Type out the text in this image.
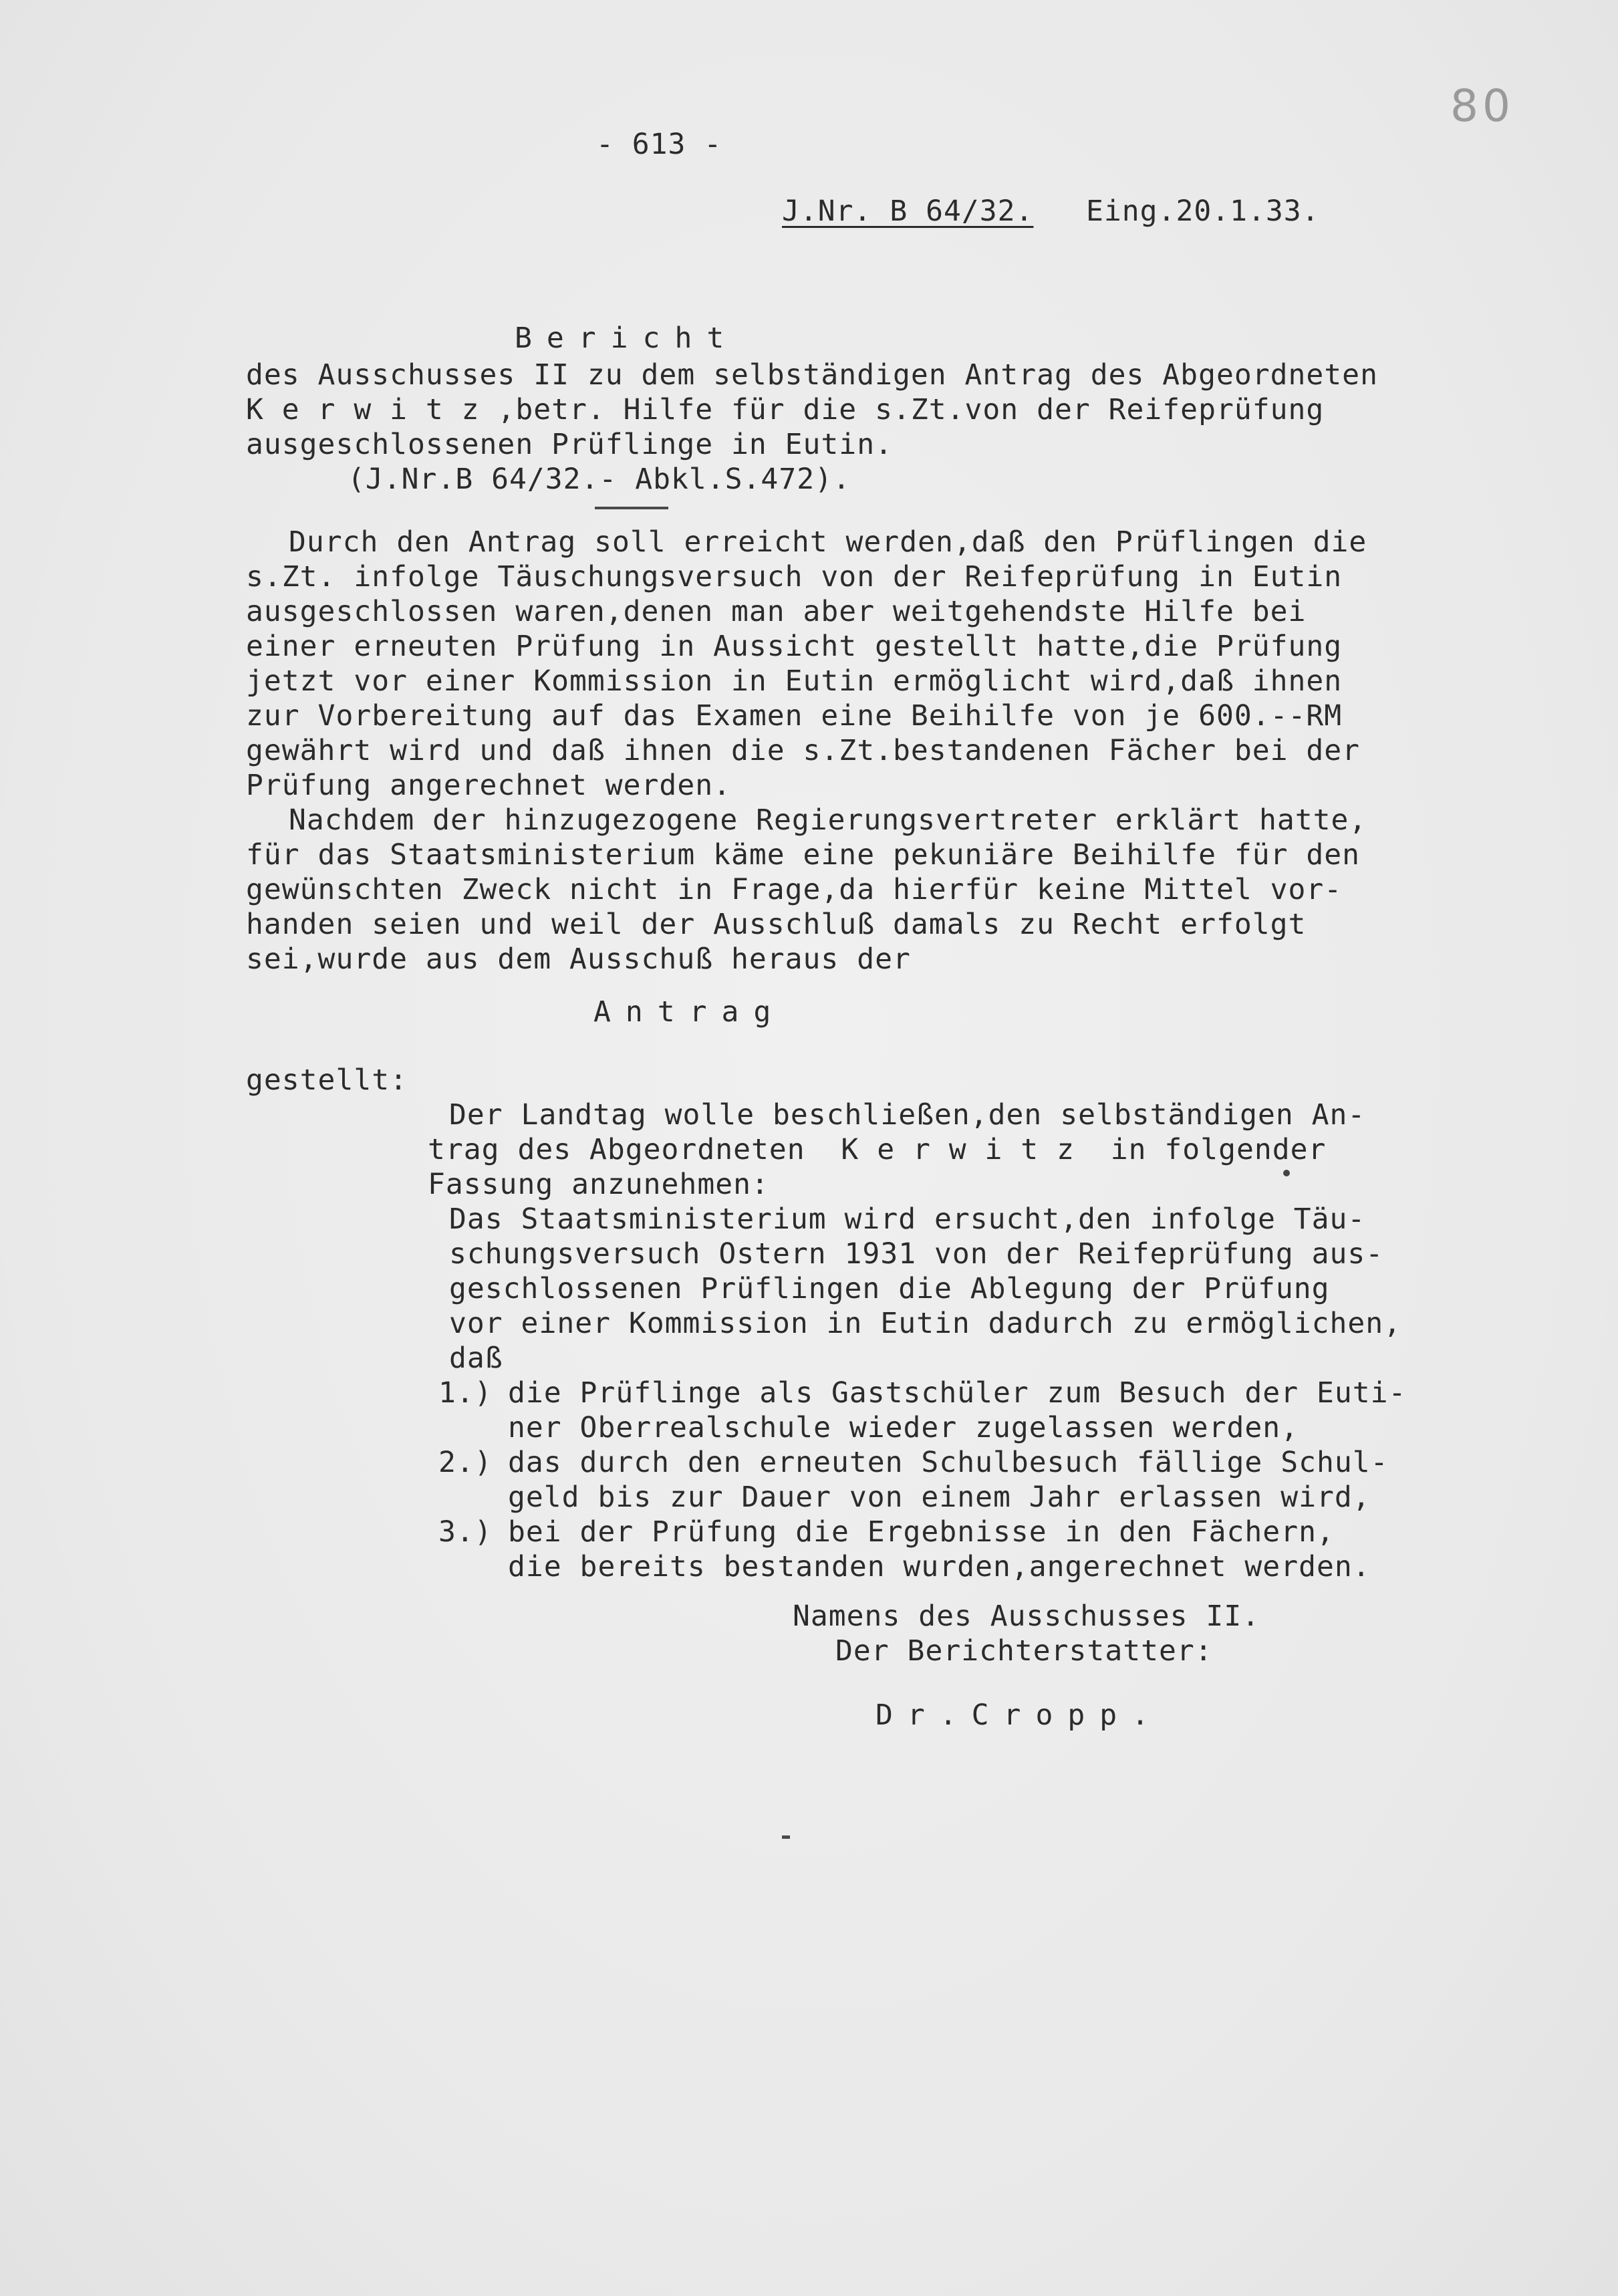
- 613 -
80
J.Nr. B 64/32. Eing.20.1.33.
Bericht
des Ausschusses II zu dem selbständigen Antrag des Abgeordneten
K e r w i t z ,betr. Hilfe für die s.Zt.von der Reifeprüfung
ausgeschlossenen Prüflinge in Eutin.
(J.Nr.B 64/32.- Abkl.S.472).
Durch den Antrag soll erreicht werden,daß den Prüflingen die
s.Zt. infolge Täuschungsversuch von der Reifeprüfung in Eutin
ausgeschlossen waren,denen man aber weitgehendste Hilfe bei
einer erneuten Prüfung in Aussicht gestellt hatte,die Prüfung
jetzt vor einer Kommission in Eutin ermöglicht wird,daß ihnen
zur Vorbereitung auf das Examen eine Beihilfe von je 600.--RM
gewährt wird und daß ihnen die s.Zt.bestandenen Fächer bei der
Prüfung angerechnet werden.
Nachdem der hinzugezogene Regierungsvertreter erklärt hatte,
für das Staatsministerium käme eine pekuniäre Beihilfe für den
gewünschten Zweck nicht in Frage,da hierfür keine Mittel vor-
handen seien und weil der Ausschluß damals zu Recht erfolgt
sei,wurde aus dem Ausschuß heraus der
Antrag
gestellt:
Der Landtag wolle beschließen,den selbständigen An-
trag des Abgeordneten  K e r w i t z  in folgender
Fassung anzunehmen:
Das Staatsministerium wird ersucht,den infolge Täu-
schungsversuch Ostern 1931 von der Reifeprüfung aus-
geschlossenen Prüflingen die Ablegung der Prüfung
vor einer Kommission in Eutin dadurch zu ermöglichen,
daß
1.) die Prüflinge als Gastschüler zum Besuch der Euti-
ner Oberrealschule wieder zugelassen werden,
2.) das durch den erneuten Schulbesuch fällige Schul-
geld bis zur Dauer von einem Jahr erlassen wird,
3.) bei der Prüfung die Ergebnisse in den Fächern,
die bereits bestanden wurden,angerechnet werden.
Namens des Ausschusses II.
Der Berichterstatter:
Dr.Cropp.
